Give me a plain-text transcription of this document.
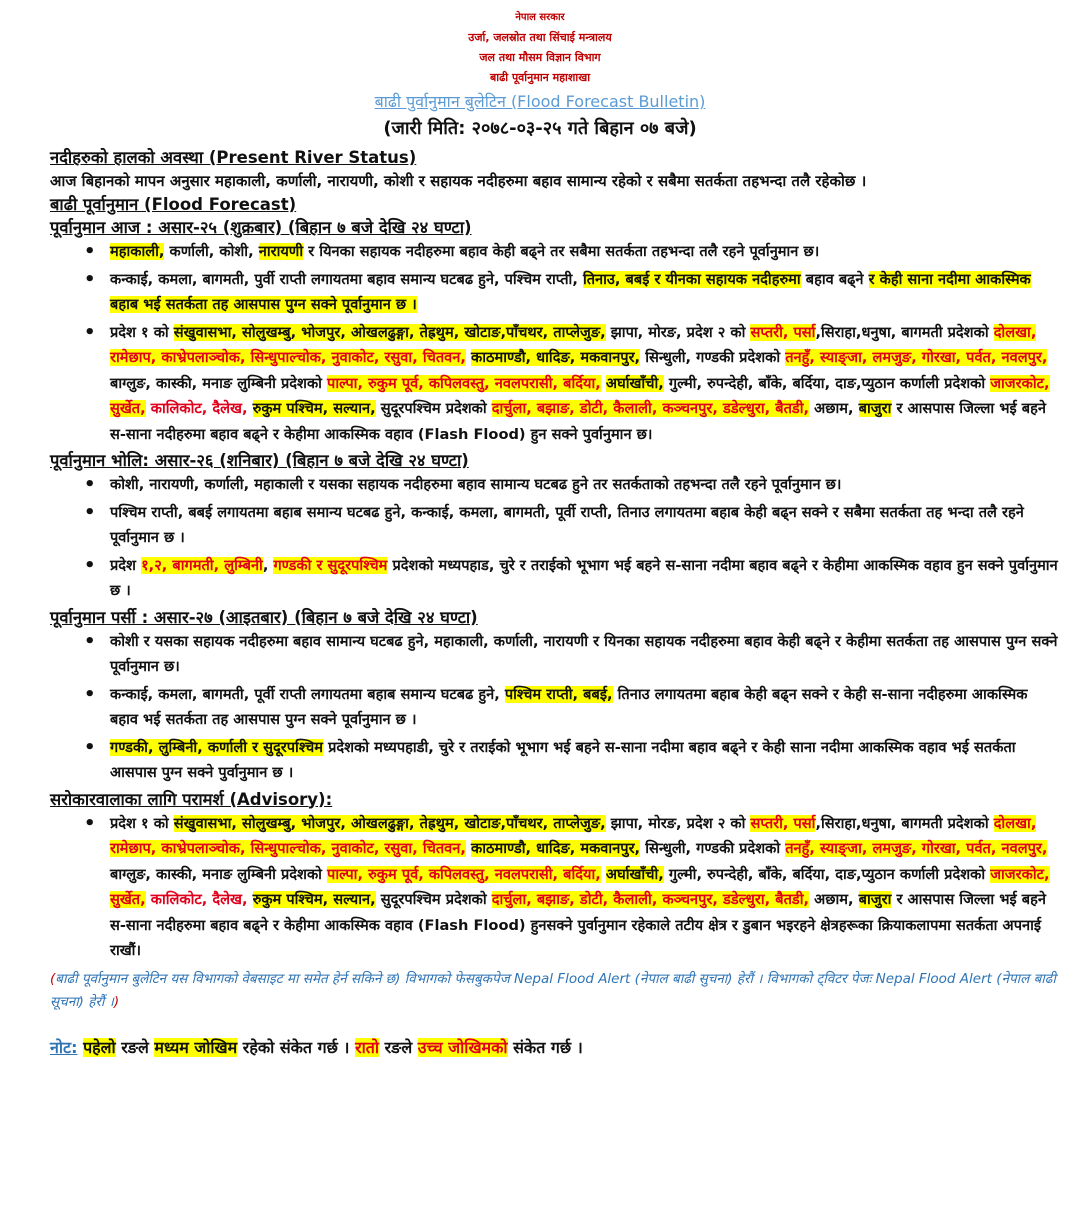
नेपाल सरकार
उर्जा, जलस्रोत तथा सिंचाई मन्त्रालय
जल तथा मौसम विज्ञान विभाग
बाढी पूर्वानुमान महाशाखा
बाढी पुर्वानुमान बुलेटिन (Flood Forecast Bulletin)
(जारी मिति: २०७८-०३-२५ गते बिहान ०७ बजे)
नदीहरुको हालको अवस्था (Present River Status)
आज बिहानको मापन अनुसार महाकाली, कर्णाली, नारायणी, कोशी र सहायक नदीहरुमा बहाव सामान्य रहेको र सबैमा सतर्कता तहभन्दा तलै रहेकोछ ।
बाढी पूर्वानुमान (Flood Forecast)
पूर्वानुमान आज : असार-२५ (शुक्रबार) (बिहान ७ बजे देखि २४ घण्टा)
• महाकाली, कर्णाली, कोशी, नारायणी र यिनका सहायक नदीहरुमा बहाव केही बढ्ने तर सबैमा सतर्कता तहभन्दा तलै रहने पूर्वानुमान छ।
• कन्काई, कमला, बागमती, पुर्वी राप्ती लगायतमा बहाव समान्य घटबढ हुने, पश्चिम राप्ती, तिनाउ, बबई र यीनका सहायक नदीहरुमा बहाव बढ्ने र केही साना नदीमा आकस्मिक बहाब भई सतर्कता तह आसपास पुग्न सक्ने पूर्वानुमान छ ।
• प्रदेश १ को संखुवासभा, सोलुखम्बु, भोजपुर, ओखलढुङ्गा, तेह्रथुम, खोटाङ,पाँचथर, ताप्लेजुङ, झापा, मोरङ, प्रदेश २ को सप्तरी, पर्सा,सिराहा,धनुषा, बागमती प्रदेशको दोलखा, रामेछाप, काभ्रेपलाञ्चोक, सिन्धुपाल्चोक, नुवाकोट, रसुवा, चितवन, काठमाण्डौ, धादिङ, मकवानपुर, सिन्धुली, गण्डकी प्रदेशको तनहुँ, स्याङ्जा, लमजुङ, गोरखा, पर्वत, नवलपुर, बाग्लुङ, कास्की, मनाङ लुम्बिनी प्रदेशको पाल्पा, रुकुम पूर्व, कपिलवस्तु, नवलपरासी, बर्दिया, अर्घाखाँची, गुल्मी, रुपन्देही, बाँके, बर्दिया, दाङ,प्युठान कर्णाली प्रदेशको जाजरकोट, सुर्खेत, कालिकोट, दैलेख, रुकुम पश्चिम, सल्यान, सुदूरपश्चिम प्रदेशको दार्चुला, बझाङ, डोटी, कैलाली, कञ्चनपुर, डडेल्धुरा, बैतडी, अछाम, बाजुरा र आसपास जिल्ला भई बहने स-साना नदीहरुमा बहाव बढ्ने र केहीमा आकस्मिक वहाव (Flash Flood) हुन सक्ने पुर्वानुमान छ।
पूर्वानुमान भोलि: असार-२६ (शनिबार) (बिहान ७ बजे देखि २४ घण्टा)
• कोशी, नारायणी, कर्णाली, महाकाली र यसका सहायक नदीहरुमा बहाव सामान्य घटबढ हुने तर सतर्कताको तहभन्दा तलै रहने पूर्वानुमान छ।
• पश्चिम राप्ती, बबई लगायतमा बहाब समान्य घटबढ हुने, कन्काई, कमला, बागमती, पूर्वी राप्ती, तिनाउ लगायतमा बहाब केही बढ्न सक्ने र सबैमा सतर्कता तह भन्दा तलै रहने पूर्वानुमान छ ।
• प्रदेश १,२, बागमती, लुम्बिनी, गण्डकी र सुदूरपश्चिम प्रदेशको मध्यपहाड, चुरे र तराईको भूभाग भई बहने स-साना नदीमा बहाव बढ्ने र केहीमा आकस्मिक वहाव हुन सक्ने पुर्वानुमान छ ।
पूर्वानुमान पर्सी : असार-२७ (आइतबार) (बिहान ७ बजे देखि २४ घण्टा)
• कोशी र यसका सहायक नदीहरुमा बहाव सामान्य घटबढ हुने, महाकाली, कर्णाली, नारायणी र यिनका सहायक नदीहरुमा बहाव केही बढ्ने र केहीमा सतर्कता तह आसपास पुग्न सक्ने पूर्वानुमान छ।
• कन्काई, कमला, बागमती, पूर्वी राप्ती लगायतमा बहाब समान्य घटबढ हुने, पश्चिम राप्ती, बबई, तिनाउ लगायतमा बहाब केही बढ्न सक्ने र केही स-साना नदीहरुमा आकस्मिक बहाव भई सतर्कता तह आसपास पुग्न सक्ने पूर्वानुमान छ ।
• गण्डकी, लुम्बिनी, कर्णाली र सुदूरपश्चिम प्रदेशको मध्यपहाडी, चुरे र तराईको भूभाग भई बहने स-साना नदीमा बहाव बढ्ने र केही साना नदीमा आकस्मिक वहाव भई सतर्कता आसपास पुग्न सक्ने पुर्वानुमान छ ।
सरोकारवालाका लागि परामर्श (Advisory):
• प्रदेश १ को संखुवासभा, सोलुखम्बु, भोजपुर, ओखलढुङ्गा, तेह्रथुम, खोटाङ,पाँचथर, ताप्लेजुङ, झापा, मोरङ, प्रदेश २ को सप्तरी, पर्सा,सिराहा,धनुषा, बागमती प्रदेशको दोलखा, रामेछाप, काभ्रेपलाञ्चोक, सिन्धुपाल्चोक, नुवाकोट, रसुवा, चितवन, काठमाण्डौ, धादिङ, मकवानपुर, सिन्धुली, गण्डकी प्रदेशको तनहुँ, स्याङ्जा, लमजुङ, गोरखा, पर्वत, नवलपुर, बाग्लुङ, कास्की, मनाङ लुम्बिनी प्रदेशको पाल्पा, रुकुम पूर्व, कपिलवस्तु, नवलपरासी, बर्दिया, अर्घाखाँची, गुल्मी, रुपन्देही, बाँके, बर्दिया, दाङ,प्युठान कर्णाली प्रदेशको जाजरकोट, सुर्खेत, कालिकोट, दैलेख, रुकुम पश्चिम, सल्यान, सुदूरपश्चिम प्रदेशको दार्चुला, बझाङ, डोटी, कैलाली, कञ्चनपुर, डडेल्धुरा, बैतडी, अछाम, बाजुरा र आसपास जिल्ला भई बहने स-साना नदीहरुमा बहाव बढ्ने र केहीमा आकस्मिक वहाव (Flash Flood) हुनसक्ने पुर्वानुमान रहेकाले तटीय क्षेत्र र डुबान भइरहने क्षेत्रहरूका क्रियाकलापमा सतर्कता अपनाई राखौं।
(बाढी पूर्वानुमान बुलेटिन यस विभागको वेबसाइट मा समेत हेर्न सकिने छ) विभागको फेसबुकपेज Nepal Flood Alert (नेपाल बाढी सुचना) हेरौं । विभागको ट्विटर पेजः Nepal Flood Alert (नेपाल बाढी सूचना) हेरौं ।)
नोट: पहेलो रङले मध्यम जोखिम रहेको संकेत गर्छ । रातो रङले उच्च जोखिमको संकेत गर्छ ।
